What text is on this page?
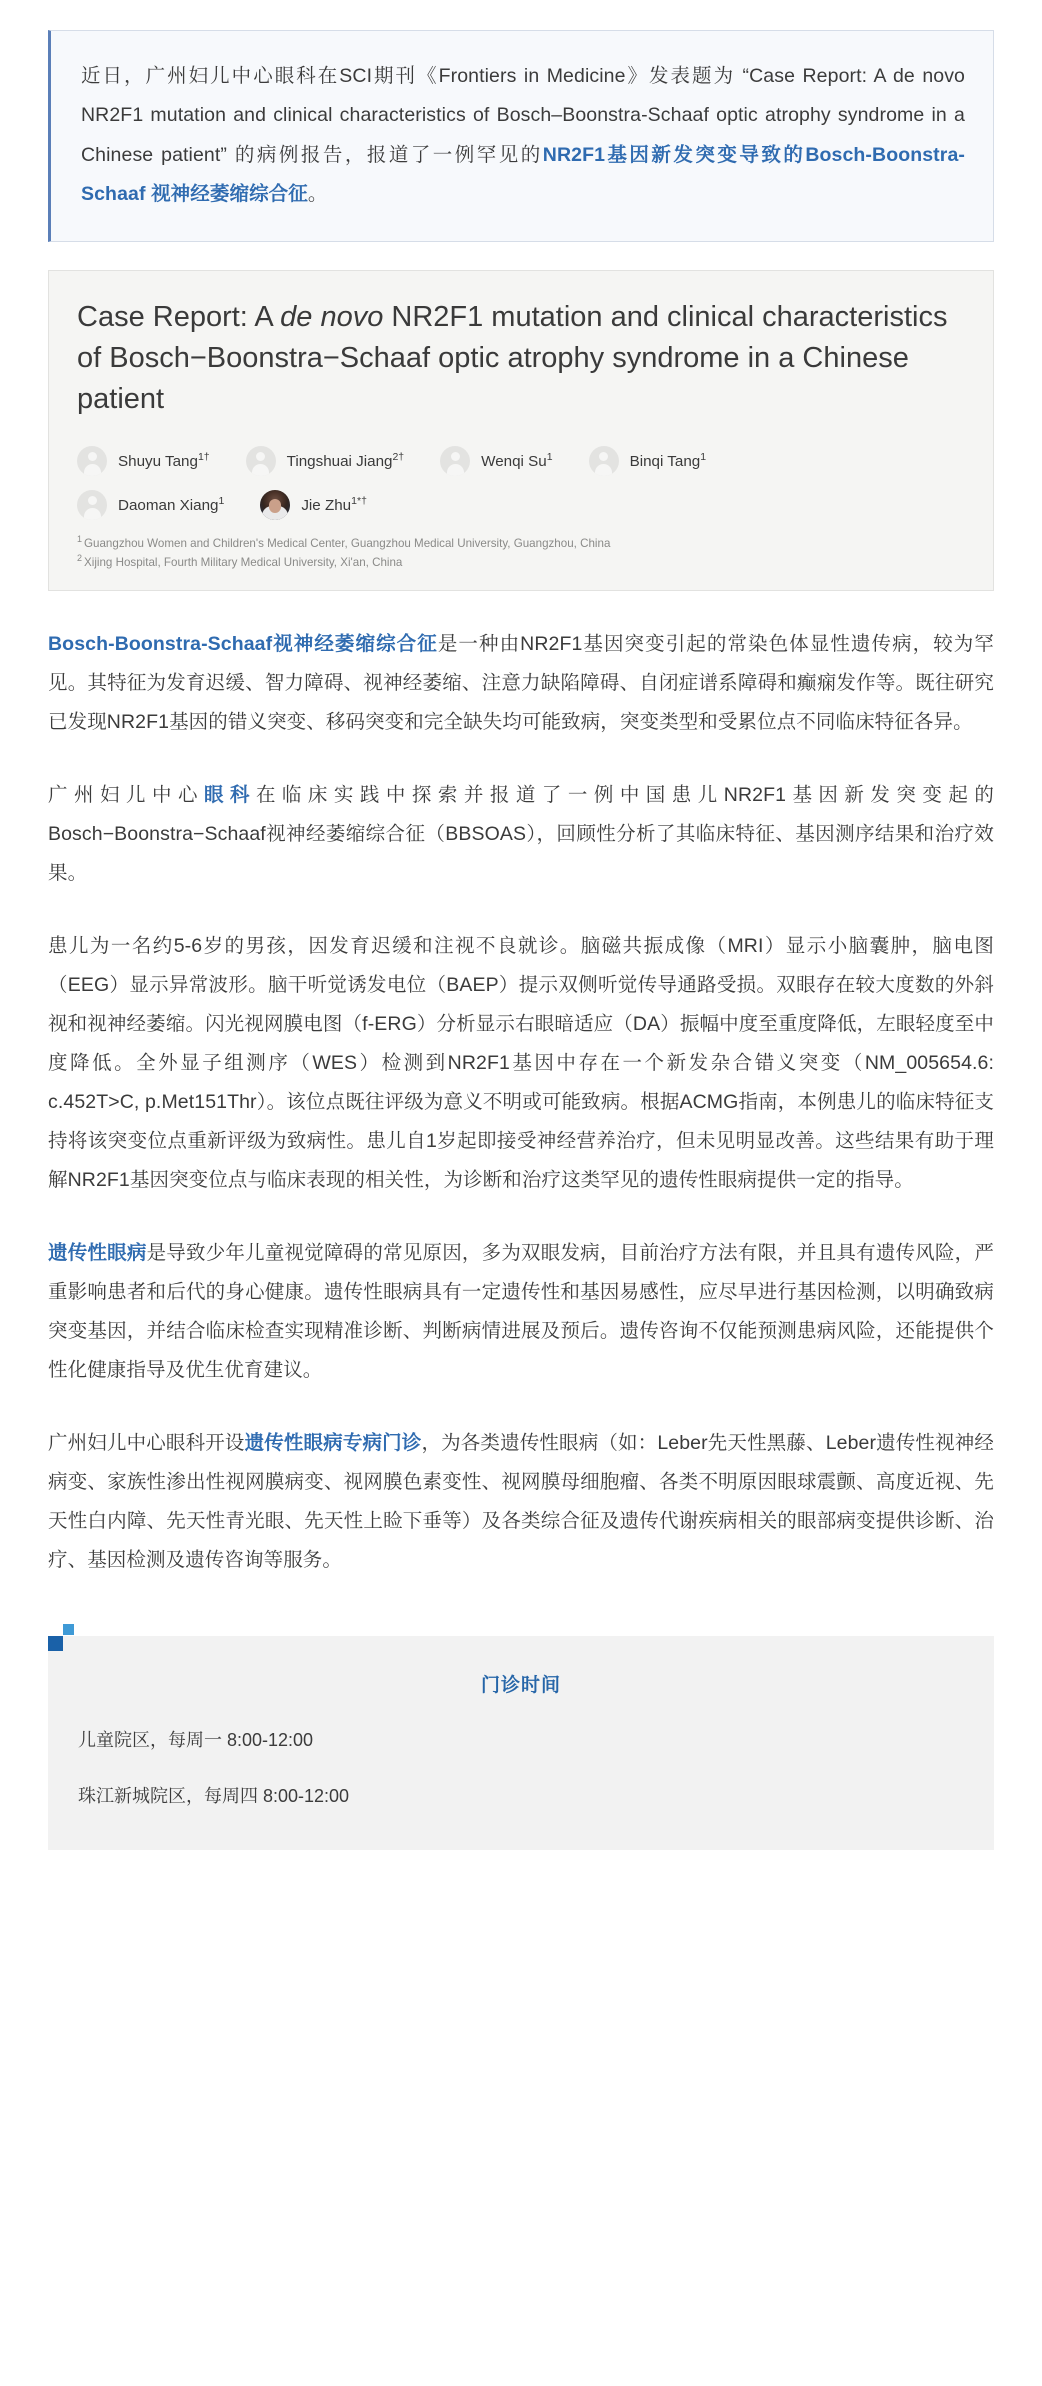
近日，广州妇儿中心眼科在SCI期刊《Frontiers in Medicine》发表题为 “Case Report: A de novo NR2F1 mutation and clinical characteristics of Bosch–Boonstra-Schaaf optic atrophy syndrome in a Chinese patient” 的病例报告，报道了一例罕见的NR2F1基因新发突变导致的Bosch-Boonstra-Schaaf 视神经萎缩综合征。

Case Report: A de novo NR2F1 mutation and clinical characteristics of Bosch−Boonstra−Schaaf optic atrophy syndrome in a Chinese patient
Shuyu Tang$^{1\dagger}$	Tingshuai Jiang$^{2\dagger}$	Wenqi Su$^1$	Binqi Tang$^1$
Daoman Xiang$^1$	Jie Zhu$^{1*\dagger}$
$^1$ Guangzhou Women and Children's Medical Center, Guangzhou Medical University, Guangzhou, China
$^2$ Xijing Hospital, Fourth Military Medical University, Xi'an, China

Bosch-Boonstra-Schaaf视神经萎缩综合征是一种由NR2F1基因突变引起的常染色体显性遗传病，较为罕见。其特征为发育迟缓、智力障碍、视神经萎缩、注意力缺陷障碍、自闭症谱系障碍和癫痫发作等。既往研究已发现NR2F1基因的错义突变、移码突变和完全缺失均可能致病，突变类型和受累位点不同临床特征各异。

广州妇儿中心眼科在临床实践中探索并报道了一例中国患儿NR2F1基因新发突变起的Bosch−Boonstra−Schaaf视神经萎缩综合征（BBSOAS），回顾性分析了其临床特征、基因测序结果和治疗效果。

患儿为一名约5-6岁的男孩，因发育迟缓和注视不良就诊。脑磁共振成像（MRI）显示小脑囊肿，脑电图（EEG）显示异常波形。脑干听觉诱发电位（BAEP）提示双侧听觉传导通路受损。双眼存在较大度数的外斜视和视神经萎缩。闪光视网膜电图（f-ERG）分析显示右眼暗适应（DA）振幅中度至重度降低，左眼轻度至中度降低。全外显子组测序（WES）检测到NR2F1基因中存在一个新发杂合错义突变（NM_005654.6: c.452T>C, p.Met151Thr）。该位点既往评级为意义不明或可能致病。根据ACMG指南，本例患儿的临床特征支持将该突变位点重新评级为致病性。患儿自1岁起即接受神经营养治疗，但未见明显改善。这些结果有助于理解NR2F1基因突变位点与临床表现的相关性，为诊断和治疗这类罕见的遗传性眼病提供一定的指导。

遗传性眼病是导致少年儿童视觉障碍的常见原因，多为双眼发病，目前治疗方法有限，并且具有遗传风险，严重影响患者和后代的身心健康。遗传性眼病具有一定遗传性和基因易感性，应尽早进行基因检测，以明确致病突变基因，并结合临床检查实现精准诊断、判断病情进展及预后。遗传咨询不仅能预测患病风险，还能提供个性化健康指导及优生优育建议。

广州妇儿中心眼科开设遗传性眼病专病门诊，为各类遗传性眼病（如：Leber先天性黑藤、Leber遗传性视神经病变、家族性渗出性视网膜病变、视网膜色素变性、视网膜母细胞瘤、各类不明原因眼球震颤、高度近视、先天性白内障、先天性青光眼、先天性上睑下垂等）及各类综合征及遗传代谢疾病相关的眼部病变提供诊断、治疗、基因检测及遗传咨询等服务。

门诊时间
儿童院区，每周一 8:00-12:00
珠江新城院区，每周四 8:00-12:00
